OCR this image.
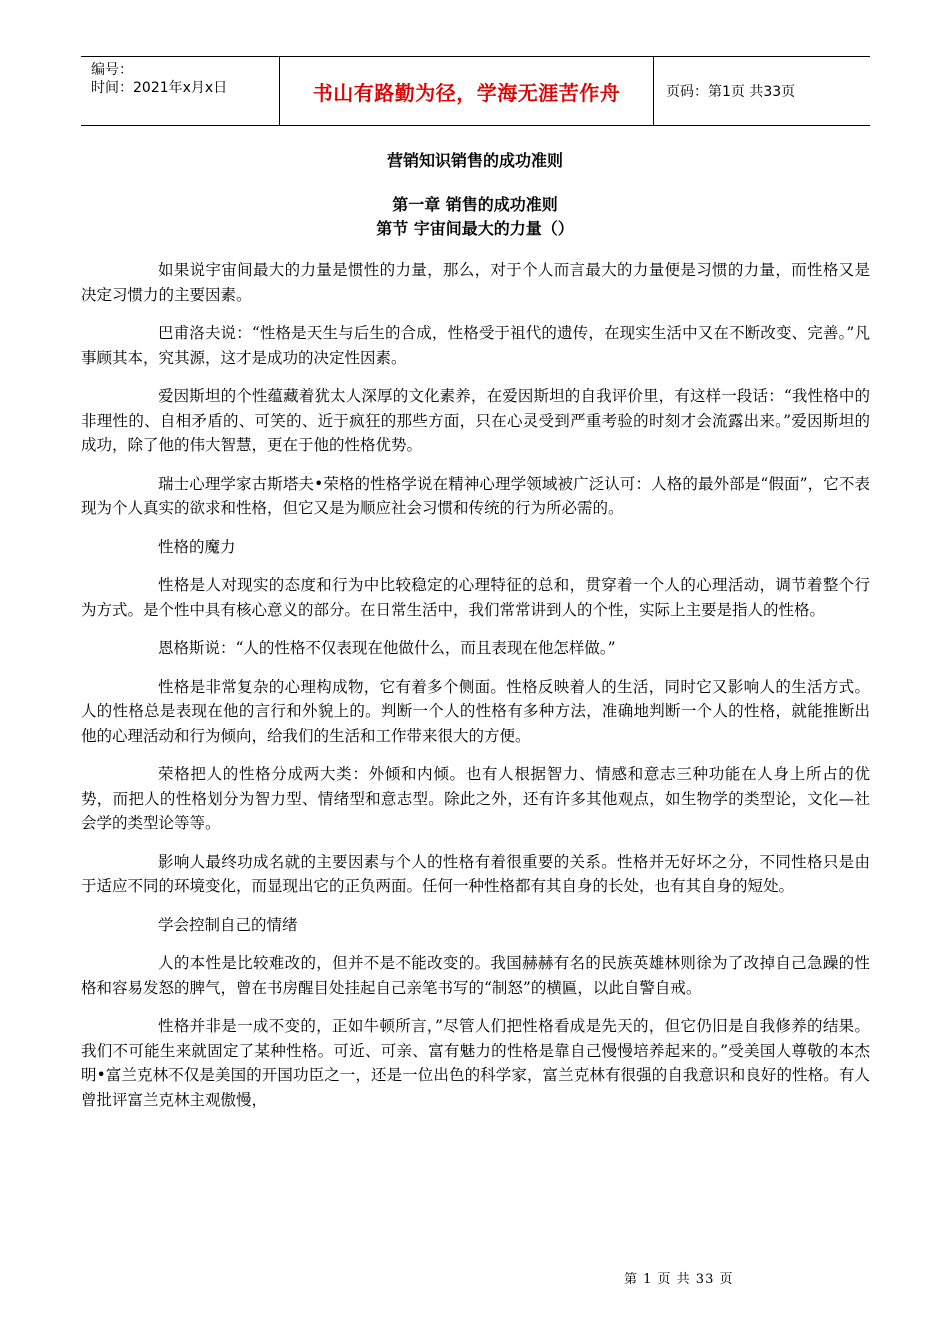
编号：
时间：2021年x月x日	书山有路勤为径，学海无涯苦作舟	页码：第1页 共33页
营销知识销售的成功准则
第一章 销售的成功准则
第节 宇宙间最大的力量（）

如果说宇宙间最大的力量是惯性的力量，那么，对于个人而言最大的力量便是习惯的力量，而性格又是决定习惯力的主要因素。

巴甫洛夫说：“性格是天生与后生的合成，性格受于祖代的遗传，在现实生活中又在不断改变、完善。”凡事顾其本，究其源，这才是成功的决定性因素。

爱因斯坦的个性蕴藏着犹太人深厚的文化素养，在爱因斯坦的自我评价里，有这样一段话：“我性格中的非理性的、自相矛盾的、可笑的、近于疯狂的那些方面，只在心灵受到严重考验的时刻才会流露出来。”爱因斯坦的成功，除了他的伟大智慧，更在于他的性格优势。

瑞士心理学家古斯塔夫•荣格的性格学说在精神心理学领域被广泛认可：人格的最外部是“假面”，它不表现为个人真实的欲求和性格，但它又是为顺应社会习惯和传统的行为所必需的。

性格的魔力

性格是人对现实的态度和行为中比较稳定的心理特征的总和，贯穿着一个人的心理活动，调节着整个行为方式。是个性中具有核心意义的部分。在日常生活中，我们常常讲到人的个性，实际上主要是指人的性格。

恩格斯说：“人的性格不仅表现在他做什么，而且表现在他怎样做。”

性格是非常复杂的心理构成物，它有着多个侧面。性格反映着人的生活，同时它又影响人的生活方式。人的性格总是表现在他的言行和外貌上的。判断一个人的性格有多种方法，准确地判断一个人的性格，就能推断出他的心理活动和行为倾向，给我们的生活和工作带来很大的方便。

荣格把人的性格分成两大类：外倾和内倾。也有人根据智力、情感和意志三种功能在人身上所占的优势，而把人的性格划分为智力型、情绪型和意志型。除此之外，还有许多其他观点，如生物学的类型论，文化—社会学的类型论等等。

影响人最终功成名就的主要因素与个人的性格有着很重要的关系。性格并无好坏之分，不同性格只是由于适应不同的环境变化，而显现出它的正负两面。任何一种性格都有其自身的长处，也有其自身的短处。

学会控制自己的情绪

人的本性是比较难改的，但并不是不能改变的。我国赫赫有名的民族英雄林则徐为了改掉自己急躁的性格和容易发怒的脾气，曾在书房醒目处挂起自己亲笔书写的“制怒”的横匾，以此自警自戒。

性格并非是一成不变的，正如牛顿所言，”尽管人们把性格看成是先天的，但它仍旧是自我修养的结果。我们不可能生来就固定了某种性格。可近、可亲、富有魅力的性格是靠自己慢慢培养起来的。”受美国人尊敬的本杰明•富兰克林不仅是美国的开国功臣之一，还是一位出色的科学家，富兰克林有很强的自我意识和良好的性格。有人曾批评富兰克林主观傲慢，

第 1 页 共 33 页
